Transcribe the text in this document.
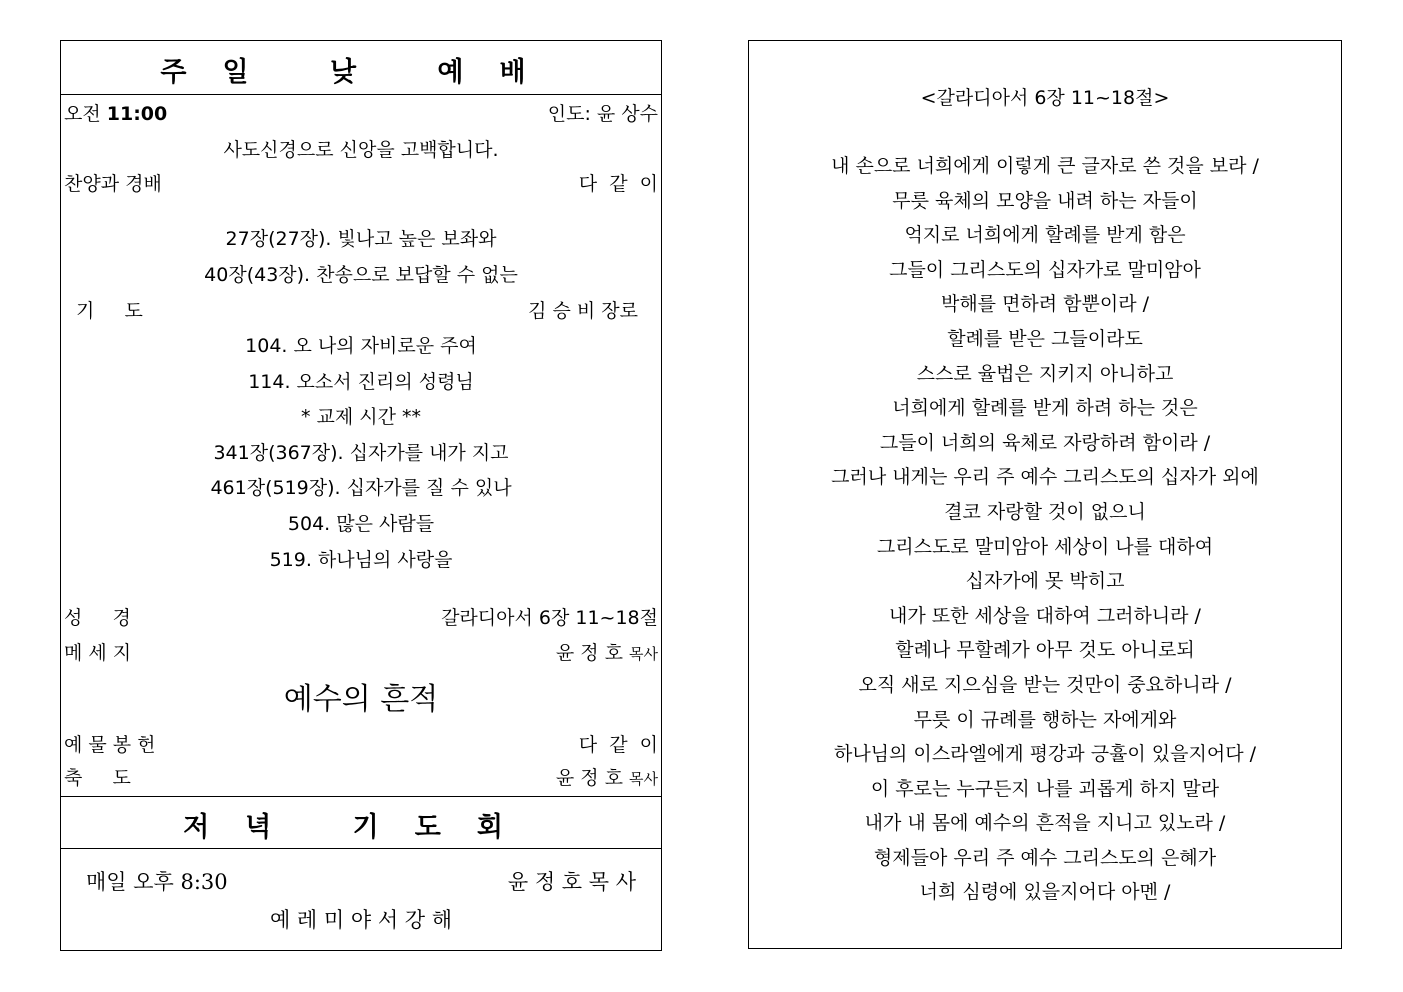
주일 낮 예배
오전 11:00	인도: 윤 상수
사도신경으로 신앙을 고백합니다.
찬양과 경배	다  같  이
27장(27장). 빛나고 높은 보좌와
40장(43장). 찬송으로 보답할 수 없는
기     도	김 승 비 장로
104. 오 나의 자비로운 주여
114. 오소서 진리의 성령님
* 교제 시간 **
341장(367장). 십자가를 내가 지고
461장(519장). 십자가를 질 수 있나
504. 많은 사람들
519. 하나님의 사랑을
성     경	갈라디아서 6장 11~18절
메 세 지	윤 정 호 목사
예수의 흔적
예 물 봉 헌	다  같  이
축     도	윤 정 호 목사
저녁 기도회
매일 오후 8:30	윤 정 호 목 사
예 레 미 야 서 강 해
<갈라디아서 6장 11~18절>
내 손으로 너희에게 이렇게 큰 글자로 쓴 것을 보라 /
무릇 육체의 모양을 내려 하는 자들이
억지로 너희에게 할례를 받게 함은
그들이 그리스도의 십자가로 말미암아
박해를 면하려 함뿐이라 /
할례를 받은 그들이라도
스스로 율법은 지키지 아니하고
너희에게 할례를 받게 하려 하는 것은
그들이 너희의 육체로 자랑하려 함이라 /
그러나 내게는 우리 주 예수 그리스도의 십자가 외에
결코 자랑할 것이 없으니
그리스도로 말미암아 세상이 나를 대하여
십자가에 못 박히고
내가 또한 세상을 대하여 그러하니라 /
할례나 무할례가 아무 것도 아니로되
오직 새로 지으심을 받는 것만이 중요하니라 /
무릇 이 규례를 행하는 자에게와
하나님의 이스라엘에게 평강과 긍휼이 있을지어다 /
이 후로는 누구든지 나를 괴롭게 하지 말라
내가 내 몸에 예수의 흔적을 지니고 있노라 /
형제들아 우리 주 예수 그리스도의 은혜가
너희 심령에 있을지어다 아멘 /
